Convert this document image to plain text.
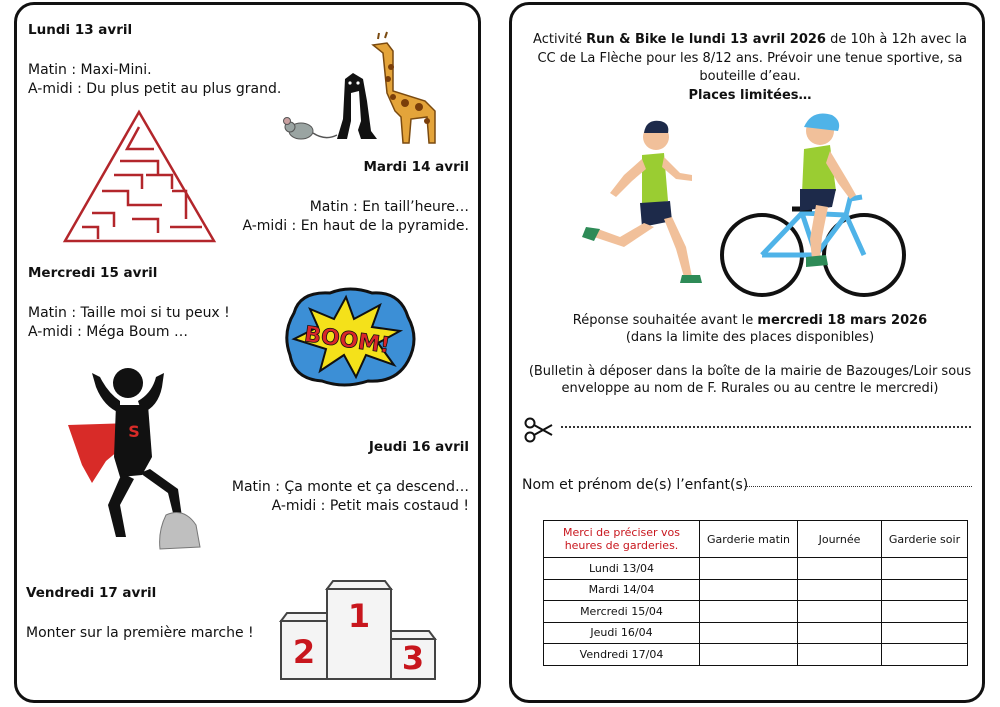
Lundi 13 avril
Matin : Maxi-Mini.
A-midi : Du plus petit au plus grand.
Mardi 14 avril
Matin : En taill’heure…
A-midi : En haut de la pyramide.
Mercredi 15 avril
Matin : Taille moi si tu peux !
A-midi : Méga Boum …	BOOM!
S
Jeudi 16 avril
Matin : Ça monte et ça descend…
A-midi : Petit mais costaud !
Vendredi 17 avril
Monter sur la première marche !	1
2	3
Activité Run & Bike le lundi 13 avril 2026 de 10h à 12h avec la CC de La Flèche pour les 8/12 ans. Prévoir une tenue sportive, sa bouteille d’eau.
Places limitées…
Réponse souhaitée avant le mercredi 18 mars 2026
(dans la limite des places disponibles)
(Bulletin à déposer dans la boîte de la mairie de Bazouges/Loir sous enveloppe au nom de F. Rurales ou au centre le mercredi)
Nom et prénom de(s) l’enfant(s)
Merci de préciser vos heures de garderies.	Garderie matin	Journée	Garderie soir
Lundi 13/04			
Mardi 14/04			
Mercredi 15/04			
Jeudi 16/04			
Vendredi 17/04			
